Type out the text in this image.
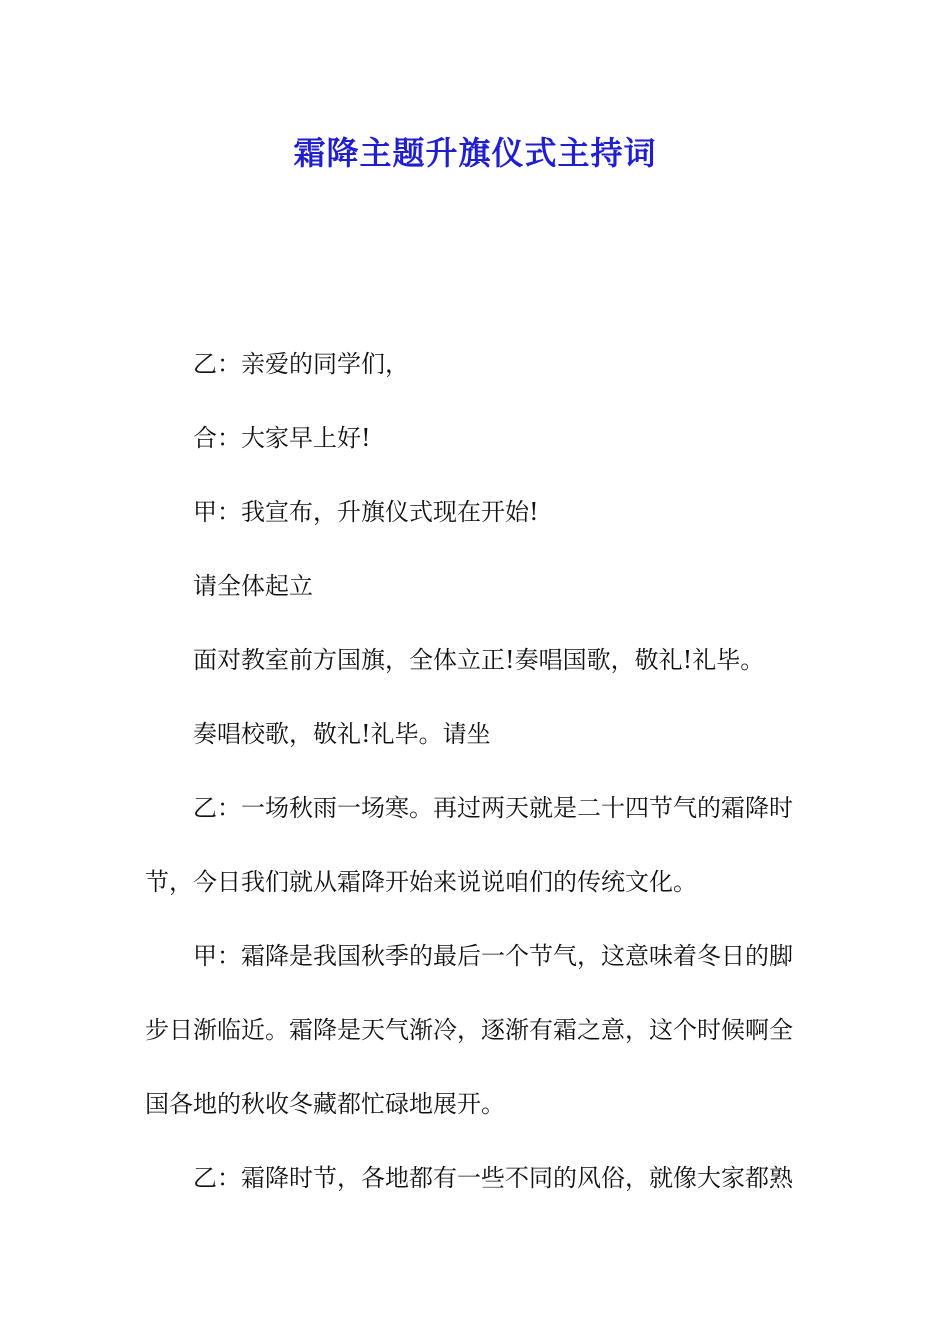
霜降主题升旗仪式主持词
乙：亲爱的同学们，
合：大家早上好!
甲：我宣布，升旗仪式现在开始!
请全体起立
面对教室前方国旗，全体立正!奏唱国歌，敬礼!礼毕。
奏唱校歌，敬礼!礼毕。请坐
乙：一场秋雨一场寒。再过两天就是二十四节气的霜降时
节，今日我们就从霜降开始来说说咱们的传统文化。
甲：霜降是我国秋季的最后一个节气，这意味着冬日的脚
步日渐临近。霜降是天气渐冷，逐渐有霜之意，这个时候啊全
国各地的秋收冬藏都忙碌地展开。
乙：霜降时节，各地都有一些不同的风俗，就像大家都熟
